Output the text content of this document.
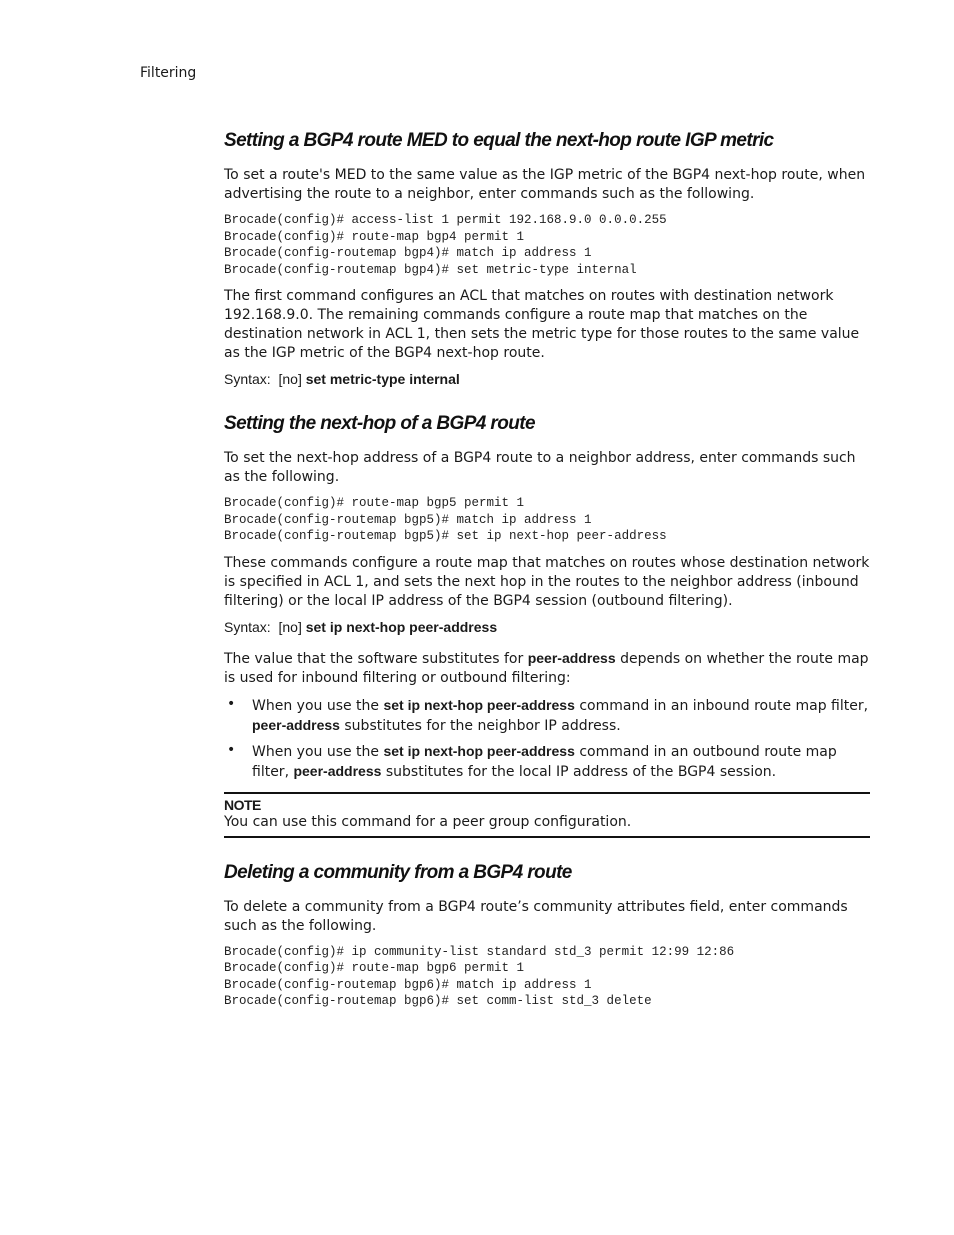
Filtering
Setting a BGP4 route MED to equal the next-hop route IGP metric

To set a route's MED to the same value as the IGP metric of the BGP4 next-hop route, when advertising the route to a neighbor, enter commands such as the following.

Brocade(config)# access-list 1 permit 192.168.9.0 0.0.0.255
Brocade(config)# route-map bgp4 permit 1
Brocade(config-routemap bgp4)# match ip address 1
Brocade(config-routemap bgp4)# set metric-type internal

The first command configures an ACL that matches on routes with destination network 192.168.9.0. The remaining commands configure a route map that matches on the destination network in ACL 1, then sets the metric type for those routes to the same value as the IGP metric of the BGP4 next-hop route.

Syntax: [no] set metric-type internal
Setting the next-hop of a BGP4 route

To set the next-hop address of a BGP4 route to a neighbor address, enter commands such as the following.

Brocade(config)# route-map bgp5 permit 1
Brocade(config-routemap bgp5)# match ip address 1
Brocade(config-routemap bgp5)# set ip next-hop peer-address

These commands configure a route map that matches on routes whose destination network is specified in ACL 1, and sets the next hop in the routes to the neighbor address (inbound filtering) or the local IP address of the BGP4 session (outbound filtering).

Syntax: [no] set ip next-hop peer-address

The value that the software substitutes for peer-address depends on whether the route map is used for inbound filtering or outbound filtering:

• When you use the set ip next-hop peer-address command in an inbound route map filter, peer-address substitutes for the neighbor IP address.
• When you use the set ip next-hop peer-address command in an outbound route map filter, peer-address substitutes for the local IP address of the BGP4 session.
NOTE
You can use this command for a peer group configuration.
Deleting a community from a BGP4 route

To delete a community from a BGP4 route’s community attributes field, enter commands such as the following.

Brocade(config)# ip community-list standard std_3 permit 12:99 12:86
Brocade(config)# route-map bgp6 permit 1
Brocade(config-routemap bgp6)# match ip address 1
Brocade(config-routemap bgp6)# set comm-list std_3 delete
